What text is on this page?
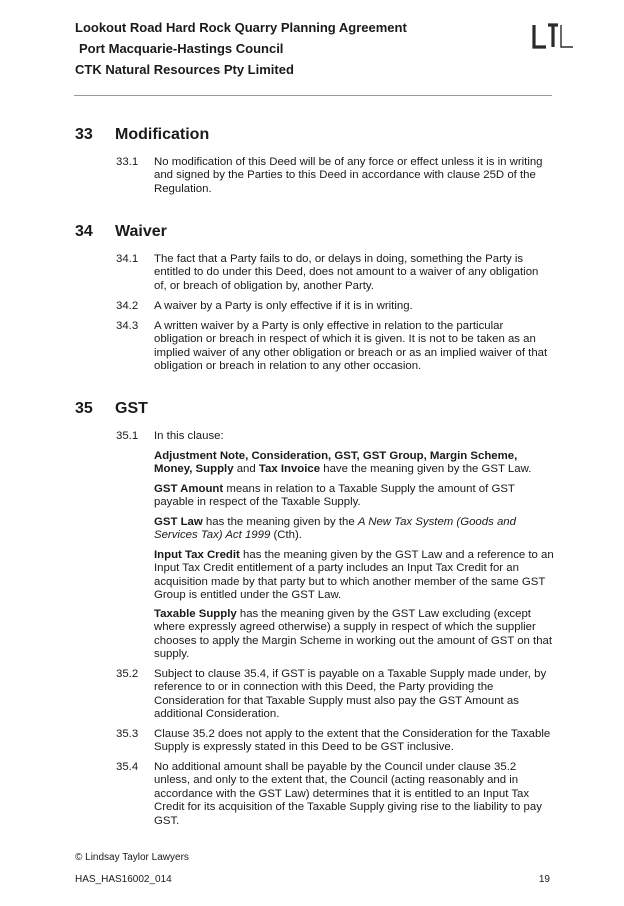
Lookout Road Hard Rock Quarry Planning Agreement
Port Macquarie-Hastings Council
CTK Natural Resources Pty Limited
33 Modification
33.1 No modification of this Deed will be of any force or effect unless it is in writing and signed by the Parties to this Deed in accordance with clause 25D of the Regulation.
34 Waiver
34.1 The fact that a Party fails to do, or delays in doing, something the Party is entitled to do under this Deed, does not amount to a waiver of any obligation of, or breach of obligation by, another Party.
34.2 A waiver by a Party is only effective if it is in writing.
34.3 A written waiver by a Party is only effective in relation to the particular obligation or breach in respect of which it is given. It is not to be taken as an implied waiver of any other obligation or breach or as an implied waiver of that obligation or breach in relation to any other occasion.
35 GST
35.1 In this clause:
Adjustment Note, Consideration, GST, GST Group, Margin Scheme,
Money, Supply and Tax Invoice have the meaning given by the GST Law.
GST Amount means in relation to a Taxable Supply the amount of GST payable in respect of the Taxable Supply.
GST Law has the meaning given by the A New Tax System (Goods and Services Tax) Act 1999 (Cth).
Input Tax Credit has the meaning given by the GST Law and a reference to an Input Tax Credit entitlement of a party includes an Input Tax Credit for an acquisition made by that party but to which another member of the same GST Group is entitled under the GST Law.
Taxable Supply has the meaning given by the GST Law excluding (except where expressly agreed otherwise) a supply in respect of which the supplier chooses to apply the Margin Scheme in working out the amount of GST on that supply.
35.2 Subject to clause 35.4, if GST is payable on a Taxable Supply made under, by reference to or in connection with this Deed, the Party providing the Consideration for that Taxable Supply must also pay the GST Amount as additional Consideration.
35.3 Clause 35.2 does not apply to the extent that the Consideration for the Taxable Supply is expressly stated in this Deed to be GST inclusive.
35.4 No additional amount shall be payable by the Council under clause 35.2 unless, and only to the extent that, the Council (acting reasonably and in accordance with the GST Law) determines that it is entitled to an Input Tax Credit for its acquisition of the Taxable Supply giving rise to the liability to pay GST.
© Lindsay Taylor Lawyers
HAS_HAS16002_014	19
